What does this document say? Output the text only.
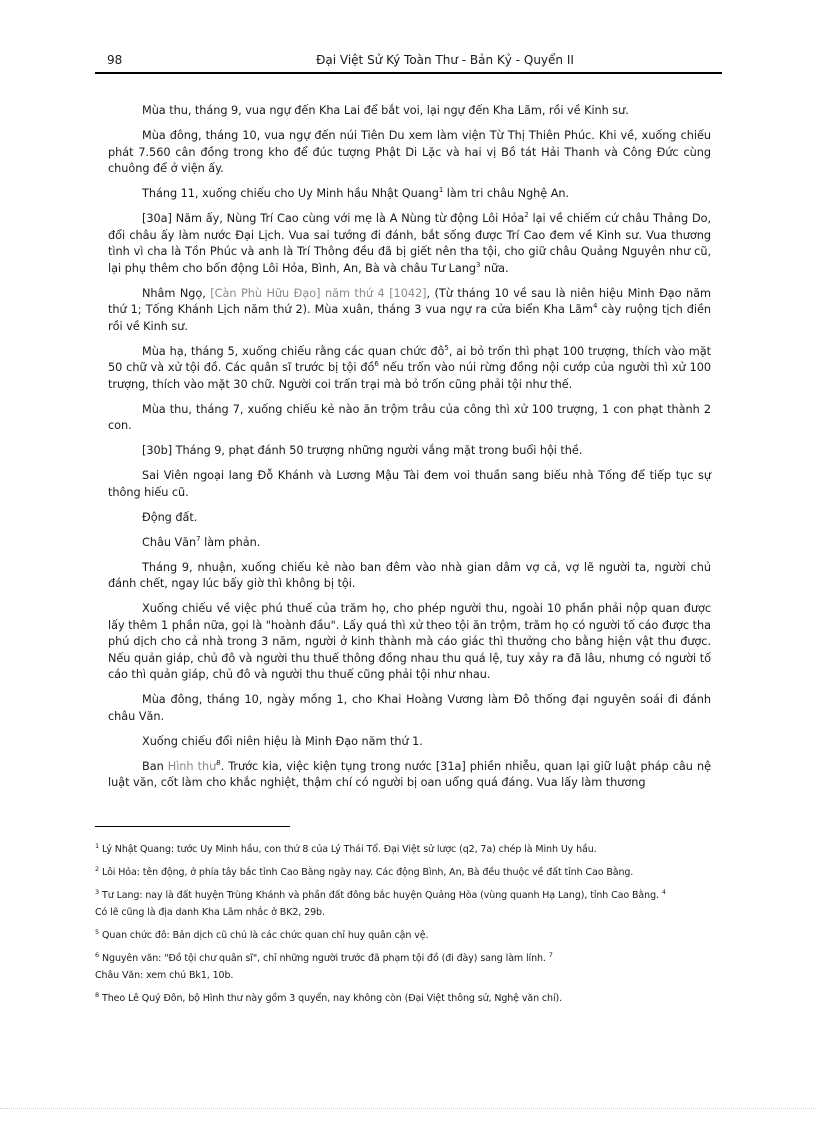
98	Đại Việt Sử Ký Toàn Thư - Bản Kỷ - Quyển II

Mùa thu, tháng 9, vua ngự đến Kha Lai để bắt voi, lại ngự đến Kha Lãm, rồi về Kinh sư.

Mùa đông, tháng 10, vua ngự đến núi Tiên Du xem làm viện Từ Thị Thiên Phúc. Khi về, xuống chiếu phát 7.560 cân đồng trong kho để đúc tượng Phật Di Lặc và hai vị Bồ tát Hải Thanh và Công Đức cùng chuông để ở viện ấy.

Tháng 11, xuống chiếu cho Uy Minh hầu Nhật Quang$^1$ làm tri châu Nghệ An.

[30a] Năm ấy, Nùng Trí Cao cùng với mẹ là A Nùng từ động Lôi Hỏa$^2$ lại về chiếm cứ châu Thảng Do, đổi châu ấy làm nước Đại Lịch. Vua sai tướng đi đánh, bắt sống được Trí Cao đem về Kinh sư. Vua thương tình vì cha là Tồn Phúc và anh là Trí Thông đều đã bị giết nên tha tội, cho giữ châu Quảng Nguyên như cũ, lại phụ thêm cho bốn động Lôi Hỏa, Bình, An, Bà và châu Tư Lang$^3$ nữa.

Nhâm Ngọ, [Càn Phù Hữu Đạo] năm thứ 4 [1042], (Từ tháng 10 về sau là niên hiệu Minh Đạo năm thứ 1; Tống Khánh Lịch năm thứ 2). Mùa xuân, tháng 3 vua ngự ra cửa biển Kha Lãm$^4$ cày ruộng tịch điền rồi về Kinh sư.

Mùa hạ, tháng 5, xuống chiếu rằng các quan chức đô$^5$, ai bỏ trốn thì phạt 100 trượng, thích vào mặt 50 chữ và xử tội đồ. Các quân sĩ trước bị tội đồ$^6$ nếu trốn vào núi rừng đồng nội cướp của người thì xử 100 trượng, thích vào mặt 30 chữ. Người coi trấn trại mà bỏ trốn cũng phải tội như thế.

Mùa thu, tháng 7, xuống chiếu kẻ nào ăn trộm trâu của công thì xử 100 trượng, 1 con phạt thành 2 con.

[30b] Tháng 9, phạt đánh 50 trượng những người vắng mặt trong buổi hội thề.

Sai Viên ngoại lang Đỗ Khánh và Lương Mậu Tài đem voi thuần sang biếu nhà Tống để tiếp tục sự thông hiếu cũ.

Động đất.

Châu Văn$^7$ làm phản.

Tháng 9, nhuận, xuống chiếu kẻ nào ban đêm vào nhà gian dâm vợ cả, vợ lẽ người ta, người chủ đánh chết, ngay lúc bấy giờ thì không bị tội.

Xuống chiếu về việc phú thuế của trăm họ, cho phép người thu, ngoài 10 phần phải nộp quan được lấy thêm 1 phần nữa, gọi là "hoành đầu". Lấy quá thì xử theo tội ăn trộm, trăm họ có người tố cáo được tha phú dịch cho cả nhà trong 3 năm, người ở kinh thành mà cáo giác thì thưởng cho bằng hiện vật thu được. Nếu quản giáp, chủ đô và người thu thuế thông đồng nhau thu quá lệ, tuy xảy ra đã lâu, nhưng có người tố cáo thì quản giáp, chủ đô và người thu thuế cũng phải tội như nhau.

Mùa đông, tháng 10, ngày mồng 1, cho Khai Hoàng Vương làm Đô thống đại nguyên soái đi đánh châu Văn.

Xuống chiếu đổi niên hiệu là Minh Đạo năm thứ 1.

Ban Hình thư$^8$. Trước kia, việc kiện tụng trong nước [31a] phiền nhiễu, quan lại giữ luật pháp câu nệ luật văn, cốt làm cho khắc nghiệt, thậm chí có người bị oan uổng quá đáng. Vua lấy làm thương

$^1$ Lý Nhật Quang: tước Uy Minh hầu, con thứ 8 của Lý Thái Tổ. Đại Việt sử lược (q2, 7a) chép là Minh Uy hầu.

$^2$ Lôi Hỏa: tên động, ở phía tây bắc tỉnh Cao Bằng ngày nay. Các động Bình, An, Bà đều thuộc về đất tỉnh Cao Bằng.

$^3$ Tư Lang: nay là đất huyện Trùng Khánh và phần đất đông bắc huyện Quảng Hòa (vùng quanh Hạ Lang), tỉnh Cao Bằng. $^4$

Có lẽ cũng là địa danh Kha Lãm nhắc ở BK2, 29b.

$^5$ Quan chức đô: Bản dịch cũ chú là các chức quan chỉ huy quân cận vệ.

$^6$ Nguyên văn: "Đồ tội chư quân sĩ", chỉ những người trước đã phạm tội đồ (đi đày) sang làm lính. $^7$

Châu Văn: xem chú Bk1, 10b.

$^8$ Theo Lê Quý Đôn, bộ Hình thư này gồm 3 quyển, nay không còn (Đại Việt thông sử, Nghệ văn chí).
